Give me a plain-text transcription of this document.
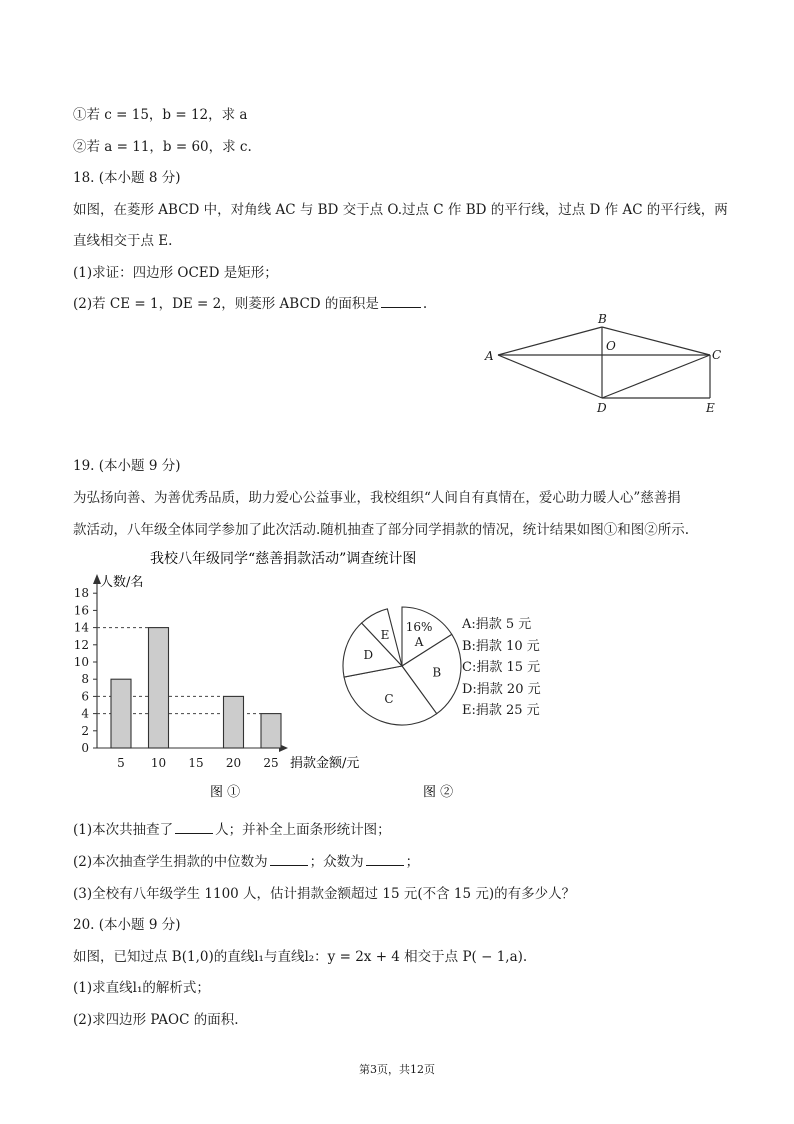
①若 c = 15，b = 12，求 a
②若 a = 11，b = 60，求 c.
18. (本小题 8 分)
如图，在菱形 ABCD 中，对角线 AC 与 BD 交于点 O.过点 C 作 BD 的平行线，过点 D 作 AC 的平行线，两
直线相交于点 E.
(1)求证：四边形 OCED 是矩形；
(2)若 CE = 1，DE = 2，则菱形 ABCD 的面积是	.
A
B
C
D	E
O
19. (本小题 9 分)
为弘扬向善、为善优秀品质，助力爱心公益事业，我校组织“人间自有真情在，爱心助力暖人心”慈善捐
款活动，八年级全体同学参加了此次活动.随机抽查了部分同学捐款的情况，统计结果如图①和图②所示.
我校八年级同学“慈善捐款活动”调查统计图
人数/名
捐款金额/元
0
2
4
6
8
10
12
14
16
18
5 10 15 20 25
图 ①
16%
A
B
C
D
E
图 ②
A:捐款 5 元
B:捐款 10 元
C:捐款 15 元
D:捐款 20 元
E:捐款 25 元
(1)本次共抽查了	人；并补全上面条形统计图；
(2)本次抽查学生捐款的中位数为	；众数为	；
(3)全校有八年级学生 1100 人，估计捐款金额超过 15 元(不含 15 元)的有多少人？
20. (本小题 9 分)
如图，已知过点 B(1,0)的直线l₁与直线l₂：y = 2x + 4 相交于点 P( − 1,a).
(1)求直线l₁的解析式；
(2)求四边形 PAOC 的面积.
第3页，共12页
